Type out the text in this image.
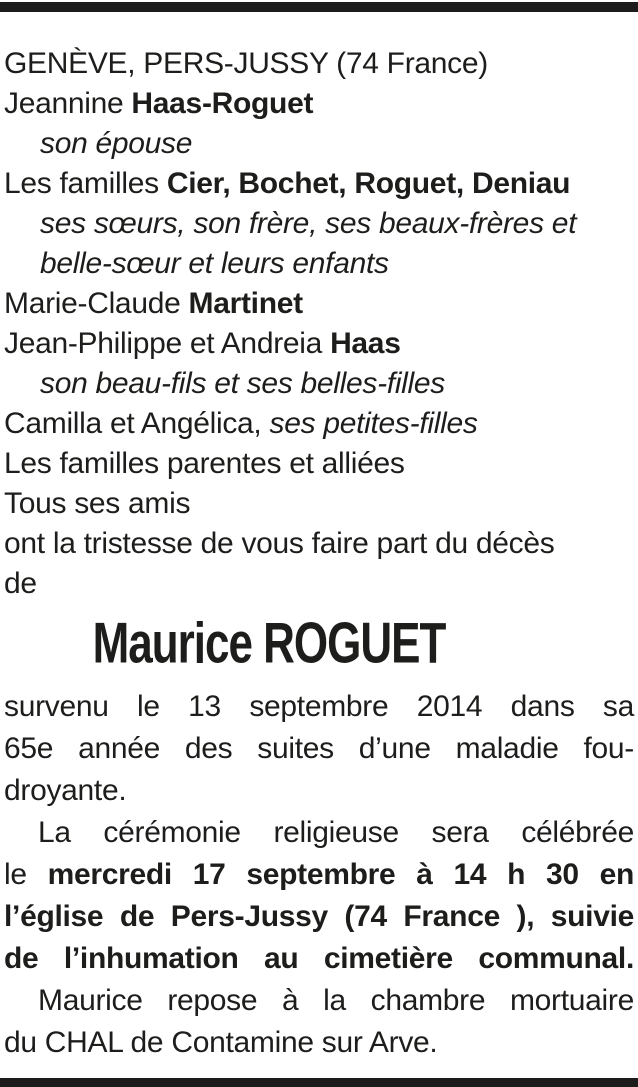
GENÈVE, PERS-JUSSY (74 France)
Jeannine Haas-Roguet
son épouse
Les familles Cier, Bochet, Roguet, Deniau
ses sœurs, son frère, ses beaux-frères et
belle-sœur et leurs enfants
Marie-Claude Martinet
Jean-Philippe et Andreia Haas
son beau-fils et ses belles-filles
Camilla et Angélica, ses petites-filles
Les familles parentes et alliées
Tous ses amis
ont la tristesse de vous faire part du décès
de
Maurice ROGUET
survenu le 13 septembre 2014 dans sa
65e année des suites d’une maladie fou-
droyante.
La cérémonie religieuse sera célébrée
le mercredi 17 septembre à 14 h 30 en
l’église de Pers-Jussy (74 France ), suivie
de l’inhumation au cimetière communal.
Maurice repose à la chambre mortuaire
du CHAL de Contamine sur Arve.
